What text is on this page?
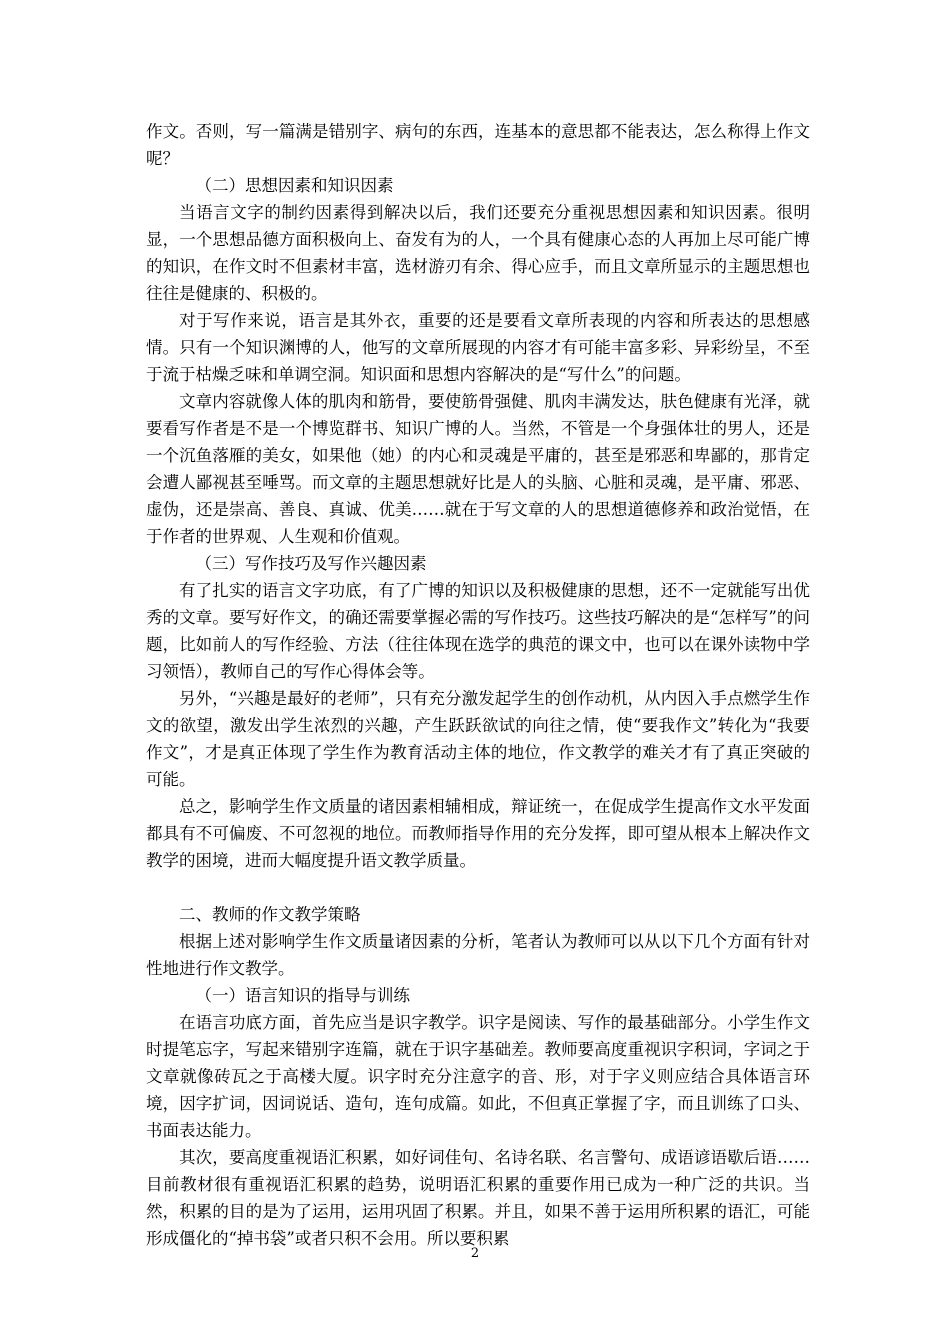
作文。否则，写一篇满是错别字、病句的东西，连基本的意思都不能表达，怎么称得上作文呢？

（二）思想因素和知识因素

当语言文字的制约因素得到解决以后，我们还要充分重视思想因素和知识因素。很明显，一个思想品德方面积极向上、奋发有为的人，一个具有健康心态的人再加上尽可能广博的知识，在作文时不但素材丰富，选材游刃有余、得心应手，而且文章所显示的主题思想也往往是健康的、积极的。

对于写作来说，语言是其外衣，重要的还是要看文章所表现的内容和所表达的思想感情。只有一个知识渊博的人，他写的文章所展现的内容才有可能丰富多彩、异彩纷呈，不至于流于枯燥乏味和单调空洞。知识面和思想内容解决的是“写什么”的问题。

文章内容就像人体的肌肉和筋骨，要使筋骨强健、肌肉丰满发达，肤色健康有光泽，就要看写作者是不是一个博览群书、知识广博的人。当然，不管是一个身强体壮的男人，还是一个沉鱼落雁的美女，如果他（她）的内心和灵魂是平庸的，甚至是邪恶和卑鄙的，那肯定会遭人鄙视甚至唾骂。而文章的主题思想就好比是人的头脑、心脏和灵魂，是平庸、邪恶、虚伪，还是崇高、善良、真诚、优美……就在于写文章的人的思想道德修养和政治觉悟，在于作者的世界观、人生观和价值观。

（三）写作技巧及写作兴趣因素

有了扎实的语言文字功底，有了广博的知识以及积极健康的思想，还不一定就能写出优秀的文章。要写好作文，的确还需要掌握必需的写作技巧。这些技巧解决的是“怎样写”的问题，比如前人的写作经验、方法（往往体现在选学的典范的课文中，也可以在课外读物中学习领悟），教师自己的写作心得体会等。

另外，“兴趣是最好的老师”，只有充分激发起学生的创作动机，从内因入手点燃学生作文的欲望，激发出学生浓烈的兴趣，产生跃跃欲试的向往之情，使“要我作文”转化为“我要作文”，才是真正体现了学生作为教育活动主体的地位，作文教学的难关才有了真正突破的可能。

总之，影响学生作文质量的诸因素相辅相成，辩证统一，在促成学生提高作文水平发面都具有不可偏废、不可忽视的地位。而教师指导作用的充分发挥，即可望从根本上解决作文教学的困境，进而大幅度提升语文教学质量。

二、教师的作文教学策略

根据上述对影响学生作文质量诸因素的分析，笔者认为教师可以从以下几个方面有针对性地进行作文教学。

（一）语言知识的指导与训练

在语言功底方面，首先应当是识字教学。识字是阅读、写作的最基础部分。小学生作文时提笔忘字，写起来错别字连篇，就在于识字基础差。教师要高度重视识字积词，字词之于文章就像砖瓦之于高楼大厦。识字时充分注意字的音、形，对于字义则应结合具体语言环境，因字扩词，因词说话、造句，连句成篇。如此，不但真正掌握了字，而且训练了口头、书面表达能力。

其次，要高度重视语汇积累，如好词佳句、名诗名联、名言警句、成语谚语歇后语……目前教材很有重视语汇积累的趋势，说明语汇积累的重要作用已成为一种广泛的共识。当然，积累的目的是为了运用，运用巩固了积累。并且，如果不善于运用所积累的语汇，可能形成僵化的“掉书袋”或者只积不会用。所以要积累

2
